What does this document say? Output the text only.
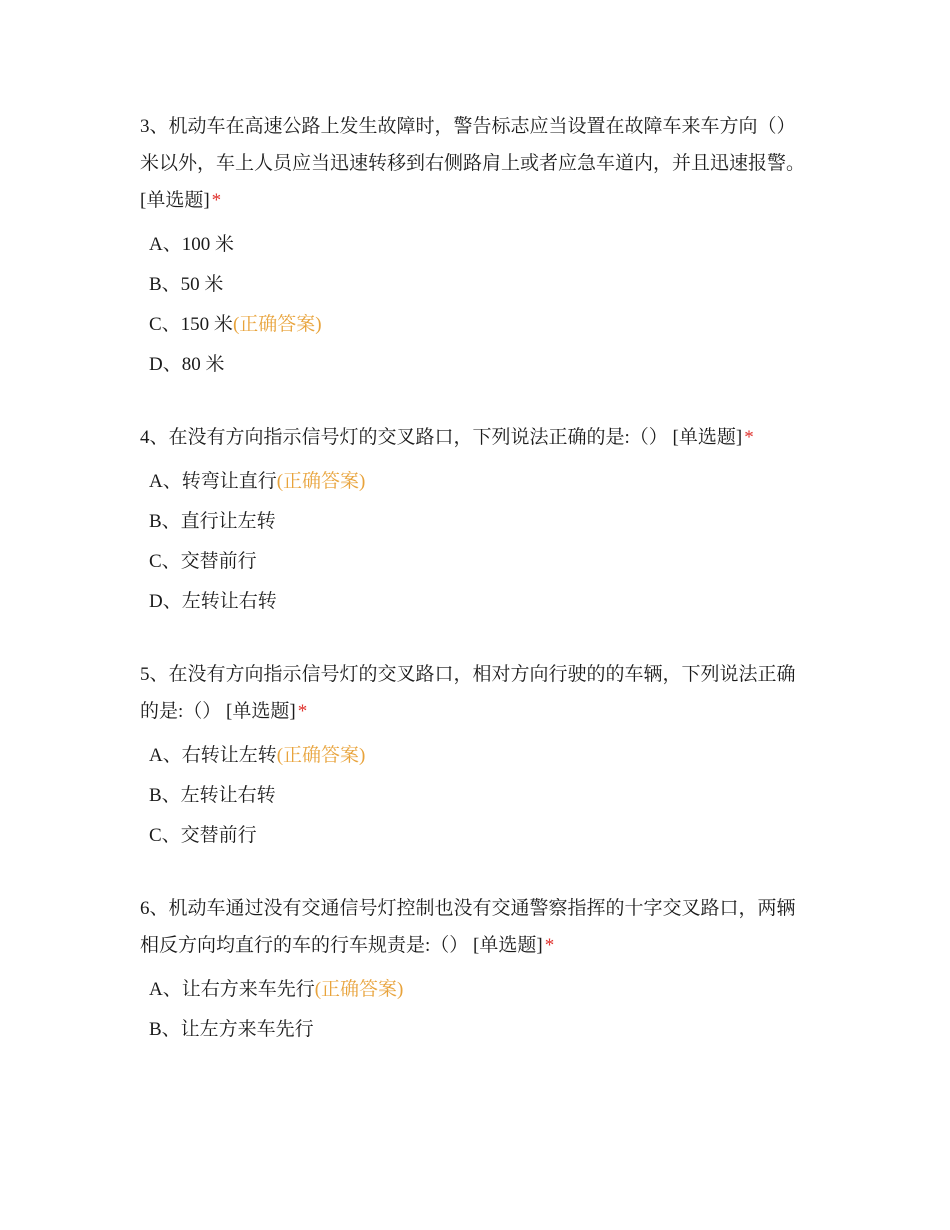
3、机动车在高速公路上发生故障时，警告标志应当设置在故障车来车方向（）米以外，车上人员应当迅速转移到右侧路肩上或者应急车道内，并且迅速报警。 [单选题] *

A、100 米
B、50 米
C、150 米(正确答案)
D、80 米

4、在没有方向指示信号灯的交叉路口，下列说法正确的是:（） [单选题] *

A、转弯让直行(正确答案)
B、直行让左转
C、交替前行
D、左转让右转

5、在没有方向指示信号灯的交叉路口，相对方向行驶的的车辆，下列说法正确的是:（） [单选题] *

A、右转让左转(正确答案)
B、左转让右转
C、交替前行

6、机动车通过没有交通信号灯控制也没有交通警察指挥的十字交叉路口，两辆相反方向均直行的车的行车规责是:（） [单选题] *

A、让右方来车先行(正确答案)
B、让左方来车先行
